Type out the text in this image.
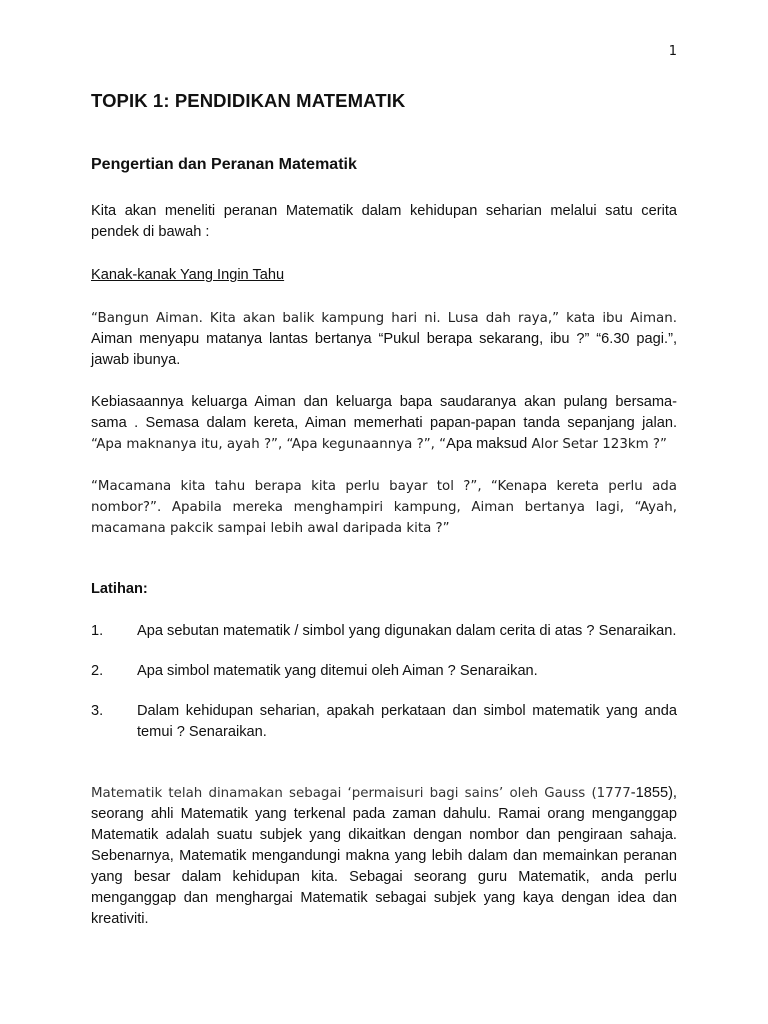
1
TOPIK 1: PENDIDIKAN MATEMATIK
Pengertian dan Peranan Matematik

Kita akan meneliti peranan Matematik dalam kehidupan seharian melalui satu cerita pendek di bawah :

Kanak-kanak Yang Ingin Tahu

“Bangun Aiman. Kita akan balik kampung hari ni. Lusa dah raya,” kata ibu Aiman. Aiman menyapu matanya lantas bertanya “Pukul berapa sekarang, ibu ?” “6.30 pagi.”, jawab ibunya.

Kebiasaannya keluarga Aiman dan keluarga bapa saudaranya akan pulang bersama-sama . Semasa dalam kereta, Aiman memerhati papan-papan tanda sepanjang jalan. “Apa maknanya itu, ayah ?”, “Apa kegunaannya ?”, “Apa maksud Alor Setar 123km ?”

“Macamana kita tahu berapa kita perlu bayar tol ?”, “Kenapa kereta perlu ada nombor?”. Apabila mereka menghampiri kampung, Aiman bertanya lagi, “Ayah, macamana pakcik sampai lebih awal daripada kita ?”

Latihan:

1.	Apa sebutan matematik / simbol yang digunakan dalam cerita di atas ? Senaraikan.
2.	Apa simbol matematik yang ditemui oleh Aiman ? Senaraikan.
3.	Dalam kehidupan seharian, apakah perkataan dan simbol matematik yang anda temui ? Senaraikan.

Matematik telah dinamakan sebagai ‘permaisuri bagi sains’ oleh Gauss (1777-1855), seorang ahli Matematik yang terkenal pada zaman dahulu. Ramai orang menganggap Matematik adalah suatu subjek yang dikaitkan dengan nombor dan pengiraan sahaja. Sebenarnya, Matematik mengandungi makna yang lebih dalam dan memainkan peranan yang besar dalam kehidupan kita. Sebagai seorang guru Matematik, anda perlu menganggap dan menghargai Matematik sebagai subjek yang kaya dengan idea dan kreativiti.
